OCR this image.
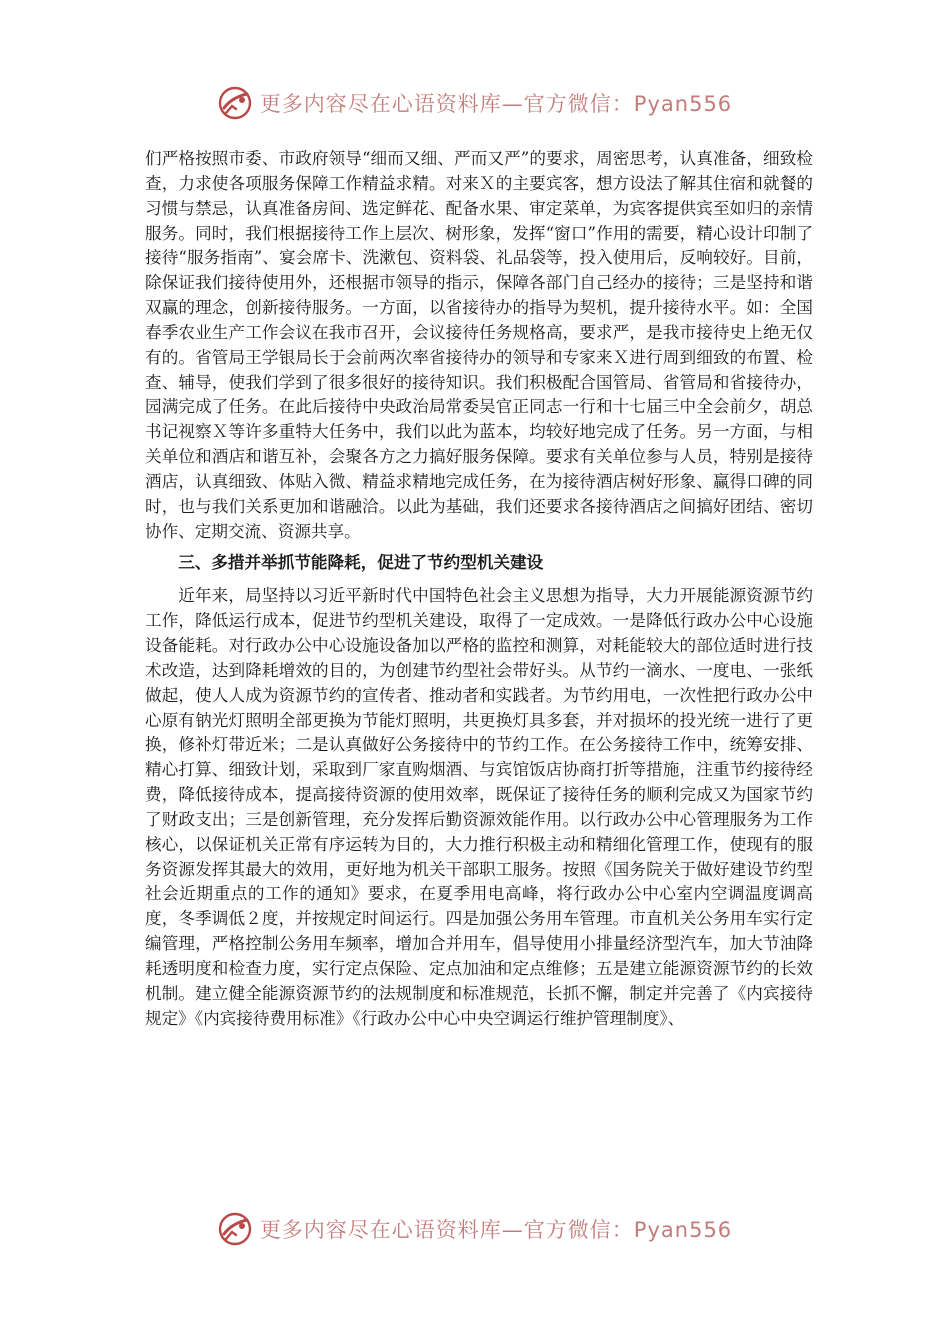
更多内容尽在心语资料库—官方微信：Pyan556

们严格按照市委、市政府领导“细而又细、严而又严”的要求，周密思考，认真准备，细致检查，力求使各项服务保障工作精益求精。对来Ｘ的主要宾客，想方设法了解其住宿和就餐的习惯与禁忌，认真准备房间、选定鲜花、配备水果、审定菜单，为宾客提供宾至如归的亲情服务。同时，我们根据接待工作上层次、树形象，发挥“窗口”作用的需要，精心设计印制了接待“服务指南”、宴会席卡、洗漱包、资料袋、礼品袋等，投入使用后，反响较好。目前，除保证我们接待使用外，还根据市领导的指示，保障各部门自己经办的接待；三是坚持和谐双赢的理念，创新接待服务。一方面，以省接待办的指导为契机，提升接待水平。如：全国春季农业生产工作会议在我市召开，会议接待任务规格高，要求严，是我市接待史上绝无仅有的。省管局王学银局长于会前两次率省接待办的领导和专家来Ｘ进行周到细致的布置、检查、辅导，使我们学到了很多很好的接待知识。我们积极配合国管局、省管局和省接待办，园满完成了任务。在此后接待中央政治局常委吴官正同志一行和十七届三中全会前夕，胡总书记视察Ｘ等许多重特大任务中，我们以此为蓝本，均较好地完成了任务。另一方面，与相关单位和酒店和谐互补，会聚各方之力搞好服务保障。要求有关单位参与人员，特别是接待酒店，认真细致、体贴入微、精益求精地完成任务，在为接待酒店树好形象、赢得口碑的同时，也与我们关系更加和谐融洽。以此为基础，我们还要求各接待酒店之间搞好团结、密切协作、定期交流、资源共享。

三、多措并举抓节能降耗，促进了节约型机关建设

近年来，局坚持以习近平新时代中国特色社会主义思想为指导，大力开展能源资源节约工作，降低运行成本，促进节约型机关建设，取得了一定成效。一是降低行政办公中心设施设备能耗。对行政办公中心设施设备加以严格的监控和测算，对耗能较大的部位适时进行技术改造，达到降耗增效的目的，为创建节约型社会带好头。从节约一滴水、一度电、一张纸做起，使人人成为资源节约的宣传者、推动者和实践者。为节约用电，一次性把行政办公中心原有钠光灯照明全部更换为节能灯照明，共更换灯具多套，并对损坏的投光统一进行了更换，修补灯带近米；二是认真做好公务接待中的节约工作。在公务接待工作中，统筹安排、精心打算、细致计划，采取到厂家直购烟酒、与宾馆饭店协商打折等措施，注重节约接待经费，降低接待成本，提高接待资源的使用效率，既保证了接待任务的顺利完成又为国家节约了财政支出；三是创新管理，充分发挥后勤资源效能作用。以行政办公中心管理服务为工作核心，以保证机关正常有序运转为目的，大力推行积极主动和精细化管理工作，使现有的服务资源发挥其最大的效用，更好地为机关干部职工服务。按照《国务院关于做好建设节约型社会近期重点的工作的通知》要求，在夏季用电高峰，将行政办公中心室内空调温度调高度，冬季调低２度，并按规定时间运行。四是加强公务用车管理。市直机关公务用车实行定编管理，严格控制公务用车频率，增加合并用车，倡导使用小排量经济型汽车，加大节油降耗透明度和检查力度，实行定点保险、定点加油和定点维修；五是建立能源资源节约的长效机制。建立健全能源资源节约的法规制度和标准规范，长抓不懈，制定并完善了《内宾接待规定》《内宾接待费用标准》《行政办公中心中央空调运行维护管理制度》、

更多内容尽在心语资料库—官方微信：Pyan556
